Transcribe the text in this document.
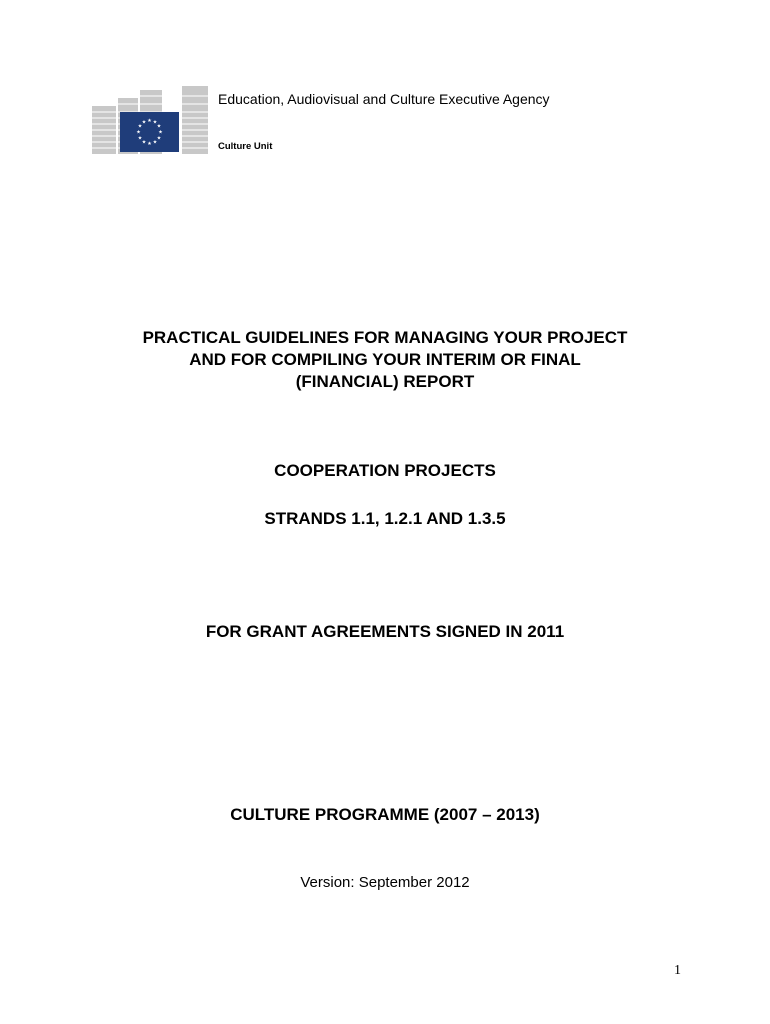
★ ★
★
★
★
★
★
★
★
★
★
★
Education, Audiovisual and Culture Executive Agency
Culture Unit
PRACTICAL GUIDELINES FOR MANAGING YOUR PROJECT
AND FOR COMPILING YOUR INTERIM OR FINAL
(FINANCIAL) REPORT
COOPERATION PROJECTS
STRANDS 1.1, 1.2.1 AND 1.3.5
FOR GRANT AGREEMENTS SIGNED IN 2011
CULTURE PROGRAMME (2007 – 2013)
Version: September 2012
1
